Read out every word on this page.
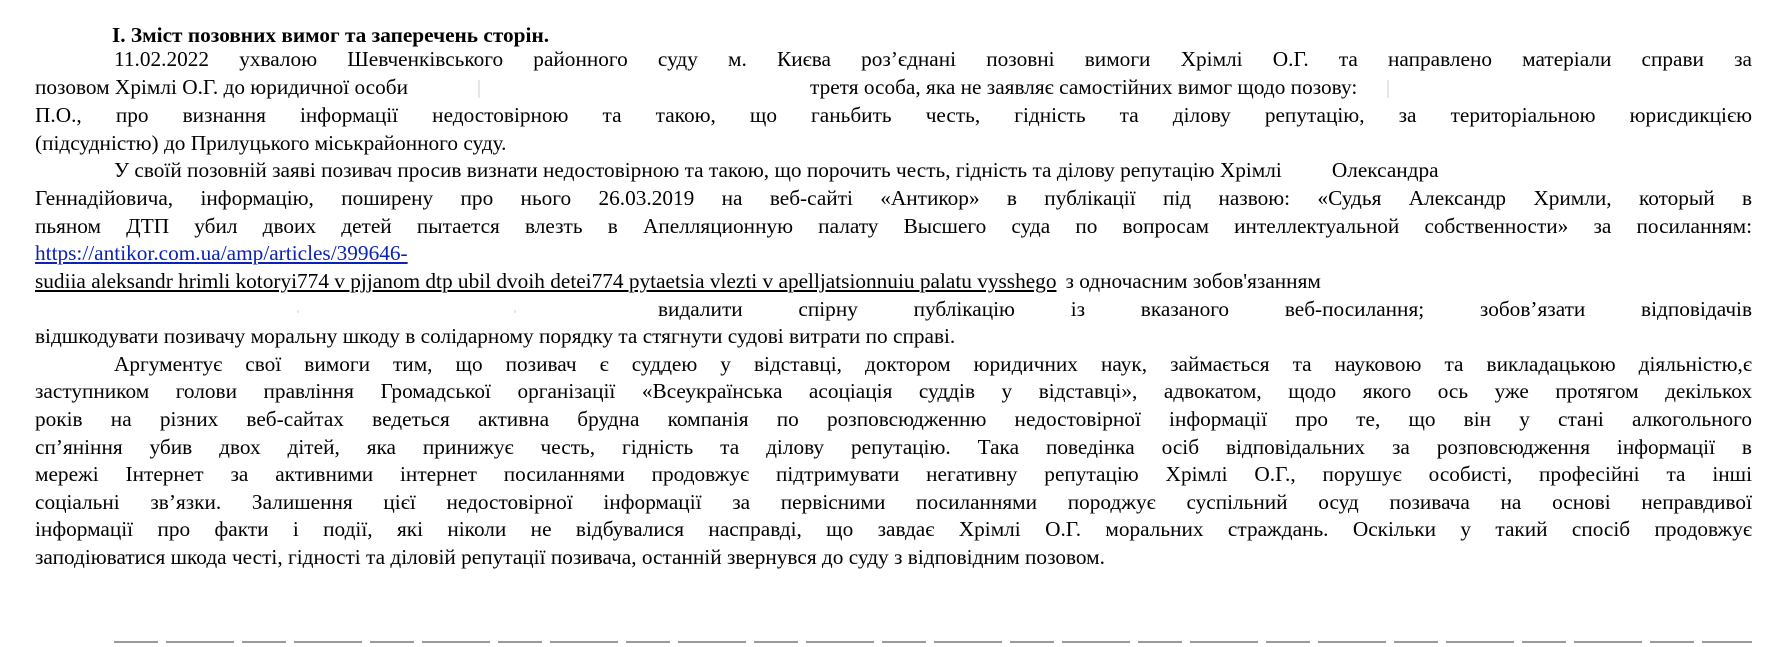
І. Зміст позовних вимог та заперечень сторін.
11.02.2022 ухвалою Шевченківського районного суду м. Києва роз’єднані позовні вимоги Хрімлі О.Г. та направлено матеріали справи за
позовом Хрімлі О.Г. до юридичної особи	третя особа, яка не заявляє самостійних вимог щодо позову:
П.О., про визнання інформації недостовірною та такою, що ганьбить честь, гідність та ділову репутацію, за територіальною юрисдикцією
(підсудністю) до Прилуцького міськрайонного суду.
У своїй позовній заяві позивач просив визнати недостовірною та такою, що порочить честь, гідність та ділову репутацію Хрімлі Олександра
Геннадійовича, інформацію, поширену про нього 26.03.2019 на веб-сайті «Антикор» в публікації під назвою: «Судья Александр Хримли, который в
пьяном ДТП убил двоих детей пытается влезть в Апелляционную палату Высшего суда по вопросам интеллектуальной собственности» за посиланням:
https://antikor.com.ua/amp/articles/399646-
sudiia aleksandr hrimli kotoryi774 v pjjanom dtp ubil dvoih detei774 pytaetsia vlezti v apelljatsionnuiu palatu vysshego з одночасним зобов'язанням
видалити спірну публікацію із вказаного веб-посилання; зобов’язати відповідачів
відшкодувати позивачу моральну шкоду в солідарному порядку та стягнути судові витрати по справі.
Аргументує свої вимоги тим, що позивач є суддею у відставці, доктором юридичних наук, займається та науковою та викладацькою діяльністю,є
заступником голови правління Громадської організації «Всеукраїнська асоціація суддів у відставці», адвокатом, щодо якого ось уже протягом декількох
років на різних веб-сайтах ведеться активна брудна компанія по розповсюдженню недостовірної інформації про те, що він у стані алкогольного
сп’яніння убив двох дітей, яка принижує честь, гідність та ділову репутацію. Така поведінка осіб відповідальних за розповсюдження інформації в
мережі Інтернет за активними інтернет посиланнями продовжує підтримувати негативну репутацію Хрімлі О.Г., порушує особисті, професійні та інші
соціальні зв’язки. Залишення цієї недостовірної інформації за первісними посиланнями породжує суспільний осуд позивача на основі неправдивої
інформації про факти і події, які ніколи не відбувалися насправді, що завдає Хрімлі О.Г. моральних страждань. Оскільки у такий спосіб продовжує
заподіюватися шкода честі, гідності та діловій репутації позивача, останній звернувся до суду з відповідним позовом.
